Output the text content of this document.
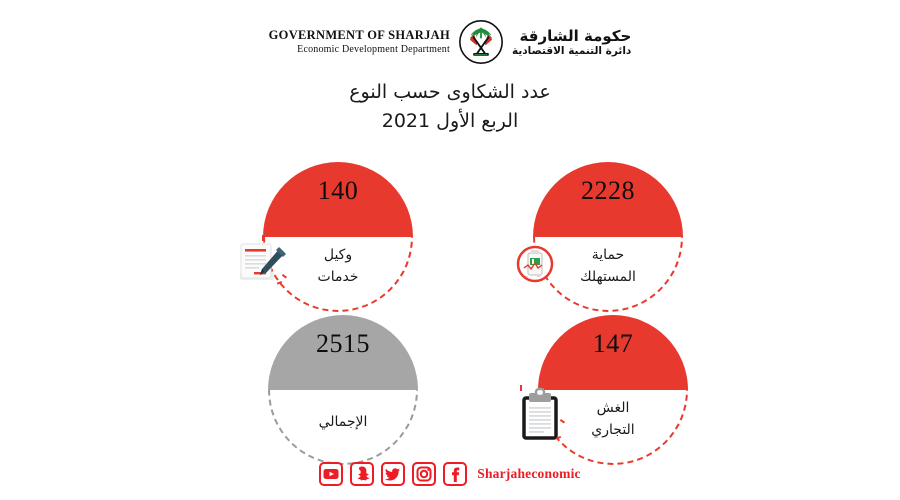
GOVERNMENT OF SHARJAH
Economic Development Department
حكومة الشارقة
دائرة التنمية الاقتصادية
عدد الشكاوى حسب النوع
الربع الأول 2021
140
وكيل
خدمات
2228
حماية
المستهلك
ـــ	ـــ
2515
الإجمالي
147
الغش
التجاري
Sharjaheconomic
